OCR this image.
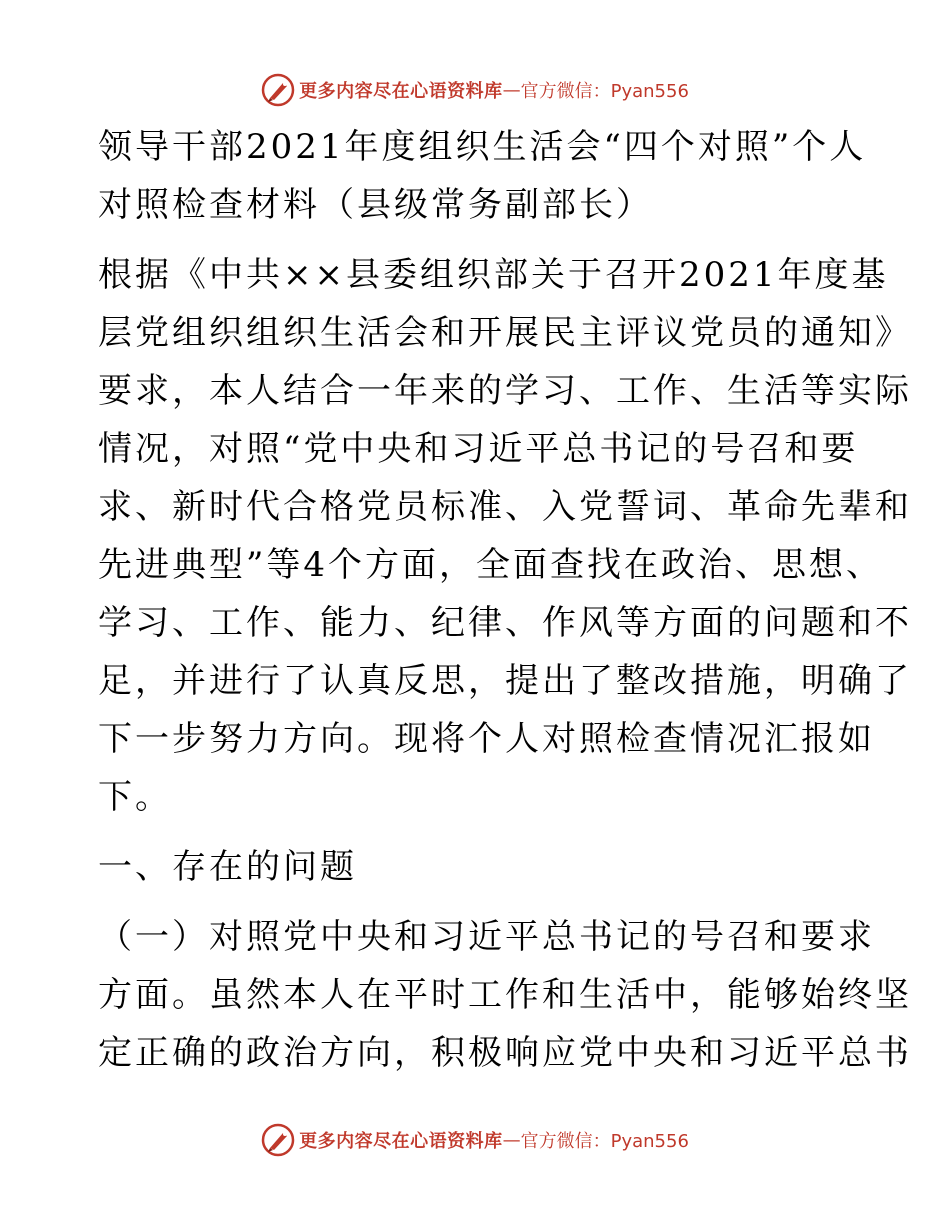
更多内容尽在心语资料库 — 官方微信：Pyan556
领导干部2021年度组织生活会“四个对照”个人
对照检查材料（县级常务副部长）
根据《中共××县委组织部关于召开2021年度基
层党组织组织生活会和开展民主评议党员的通知》
要求，本人结合一年来的学习、工作、生活等实际
情况，对照“党中央和习近平总书记的号召和要
求、新时代合格党员标准、入党誓词、革命先辈和
先进典型”等4个方面，全面查找在政治、思想、
学习、工作、能力、纪律、作风等方面的问题和不
足，并进行了认真反思，提出了整改措施，明确了
下一步努力方向。现将个人对照检查情况汇报如
下。
一、存在的问题
（一）对照党中央和习近平总书记的号召和要求
方面。虽然本人在平时工作和生活中，能够始终坚
定正确的政治方向，积极响应党中央和习近平总书
更多内容尽在心语资料库 — 官方微信：Pyan556
